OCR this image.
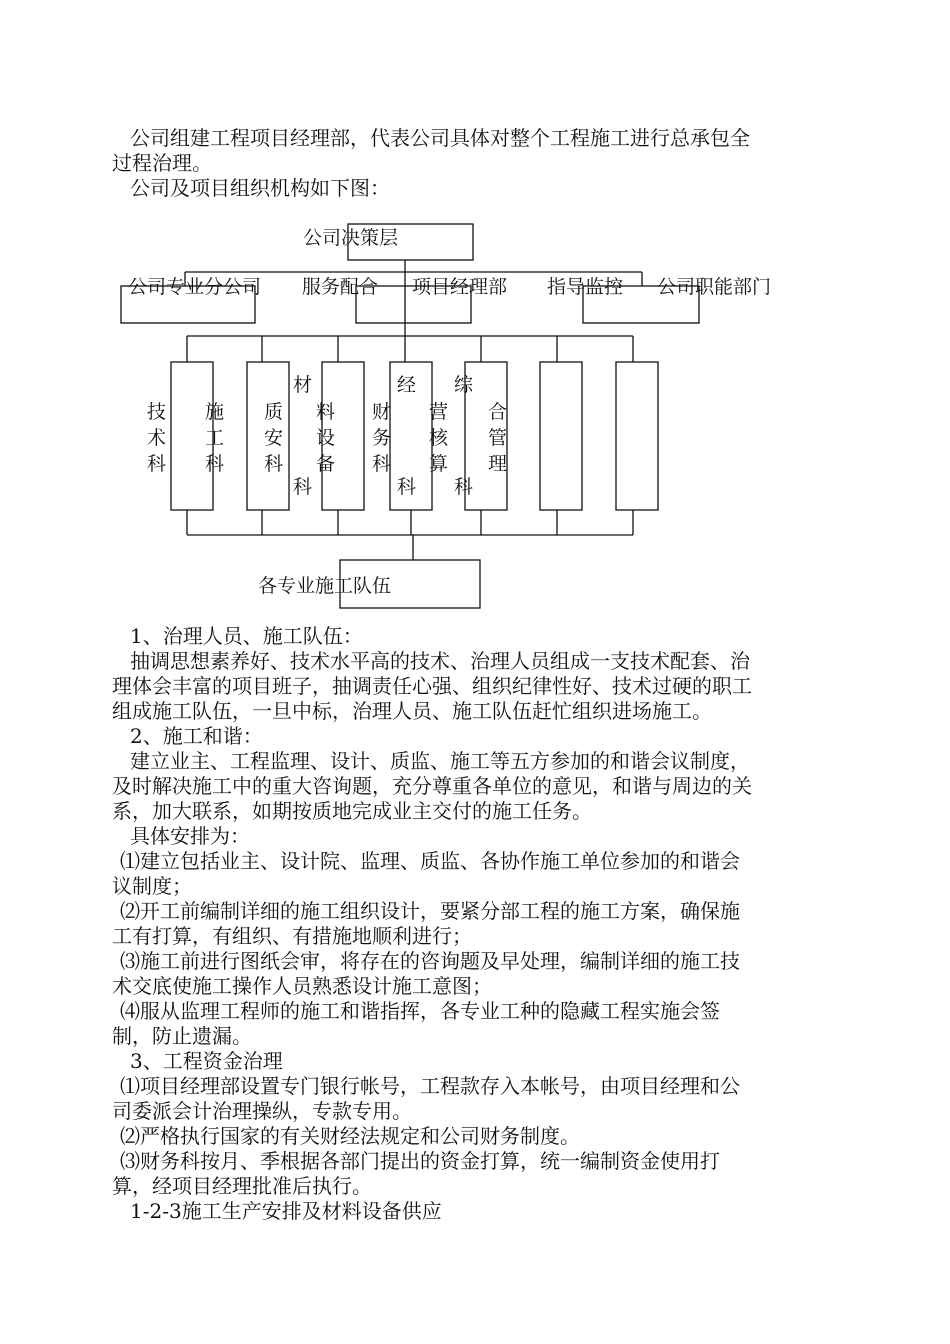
公司组建工程项目经理部，代表公司具体对整个工程施工进行总承包全
过程治理。
公司及项目组织机构如下图：
公司决策层
公司专业分公司 服务配合 项目经理部 指导监控 公司职能部门
技
术
科
施
工
科
质
安
科
材
料
设
备
科
财
务
科
经
营
核
算
科
综
合
管
理
科
各专业施工队伍
1、治理人员、施工队伍：
抽调思想素养好、技术水平高的技术、治理人员组成一支技术配套、治
理体会丰富的项目班子，抽调责任心强、组织纪律性好、技术过硬的职工
组成施工队伍，一旦中标，治理人员、施工队伍赶忙组织进场施工。
2、施工和谐：
建立业主、工程监理、设计、质监、施工等五方参加的和谐会议制度，
及时解决施工中的重大咨询题，充分尊重各单位的意见，和谐与周边的关
系，加大联系，如期按质地完成业主交付的施工任务。
具体安排为：
⑴建立包括业主、设计院、监理、质监、各协作施工单位参加的和谐会
议制度；
⑵开工前编制详细的施工组织设计，要紧分部工程的施工方案，确保施
工有打算，有组织、有措施地顺利进行；
⑶施工前进行图纸会审，将存在的咨询题及早处理，编制详细的施工技
术交底使施工操作人员熟悉设计施工意图；
⑷服从监理工程师的施工和谐指挥，各专业工种的隐藏工程实施会签
制，防止遗漏。
3、工程资金治理
⑴项目经理部设置专门银行帐号，工程款存入本帐号，由项目经理和公
司委派会计治理操纵，专款专用。
⑵严格执行国家的有关财经法规定和公司财务制度。
⑶财务科按月、季根据各部门提出的资金打算，统一编制资金使用打
算，经项目经理批准后执行。
1-2-3施工生产安排及材料设备供应
